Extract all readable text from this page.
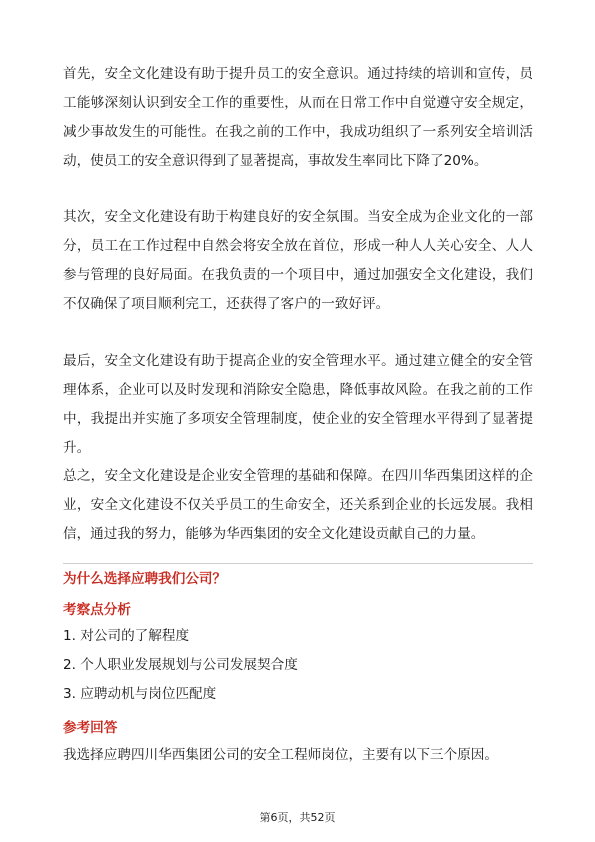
首先，安全文化建设有助于提升员工的安全意识。通过持续的培训和宣传，员工能够深刻认识到安全工作的重要性，从而在日常工作中自觉遵守安全规定，减少事故发生的可能性。在我之前的工作中，我成功组织了一系列安全培训活动，使员工的安全意识得到了显著提高，事故发生率同比下降了20%。

其次，安全文化建设有助于构建良好的安全氛围。当安全成为企业文化的一部分，员工在工作过程中自然会将安全放在首位，形成一种人人关心安全、人人参与管理的良好局面。在我负责的一个项目中，通过加强安全文化建设，我们不仅确保了项目顺利完工，还获得了客户的一致好评。

最后，安全文化建设有助于提高企业的安全管理水平。通过建立健全的安全管理体系，企业可以及时发现和消除安全隐患，降低事故风险。在我之前的工作中，我提出并实施了多项安全管理制度，使企业的安全管理水平得到了显著提升。

总之，安全文化建设是企业安全管理的基础和保障。在四川华西集团这样的企业，安全文化建设不仅关乎员工的生命安全，还关系到企业的长远发展。我相信，通过我的努力，能够为华西集团的安全文化建设贡献自己的力量。

为什么选择应聘我们公司？

考察点分析

1. 对公司的了解程度

2. 个人职业发展规划与公司发展契合度

3. 应聘动机与岗位匹配度

参考回答

我选择应聘四川华西集团公司的安全工程师岗位，主要有以下三个原因。

第6页，共52页
